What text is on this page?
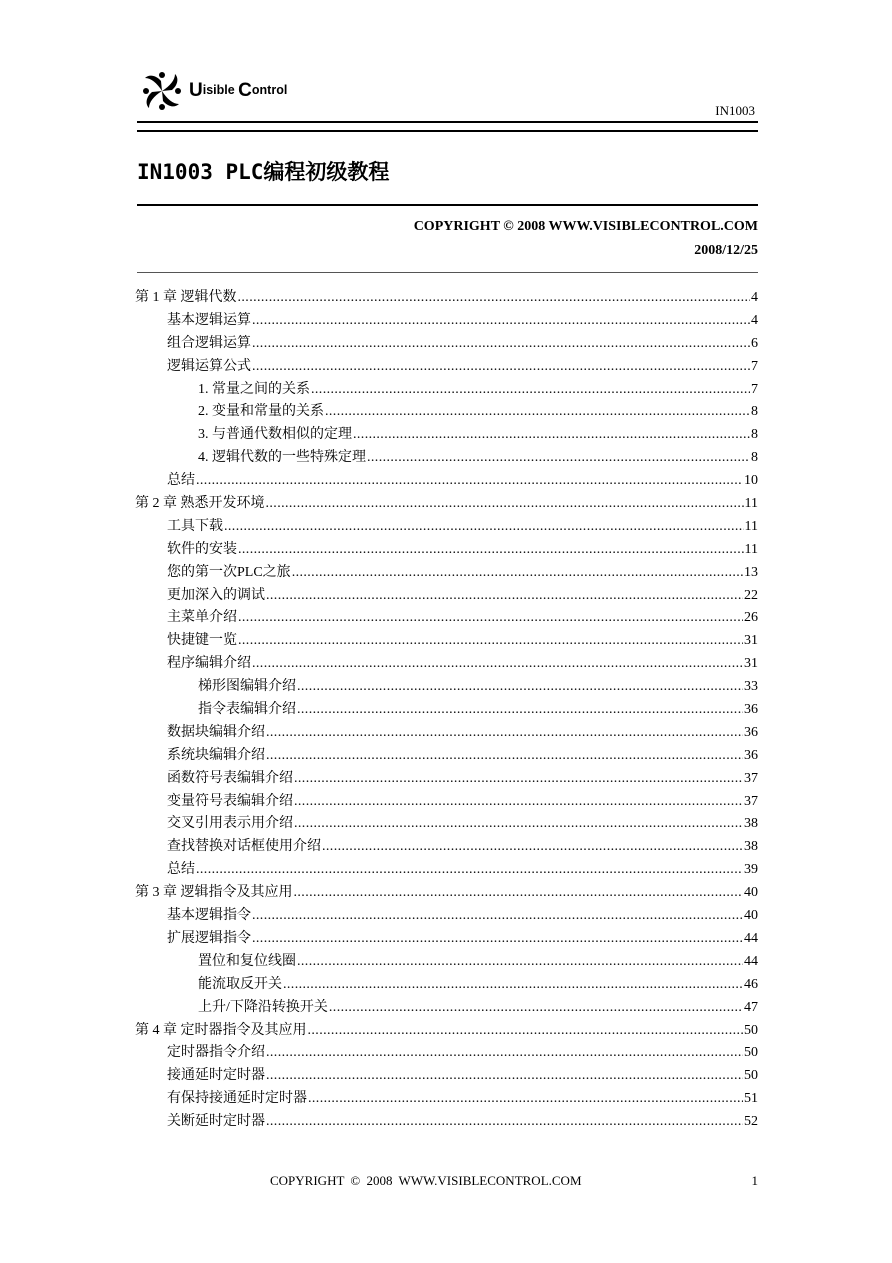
Uisible Control
IN1003
IN1003 PLC编程初级教程
COPYRIGHT © 2008 WWW.VISIBLECONTROL.COM
2008/12/25
第 1 章 逻辑代数 .....	4
基本逻辑运算 .....	4
组合逻辑运算 .....	6
逻辑运算公式 .....	7
1. 常量之间的关系 .....	7
2. 变量和常量的关系 .....	8
3. 与普通代数相似的定理 .....	8
4. 逻辑代数的一些特殊定理 .....	8
总结 .....	10
第 2 章 熟悉开发环境 .....	11
工具下载 .....	11
软件的安装 .....	11
您的第一次PLC之旅 .....	13
更加深入的调试 .....	22
主菜单介绍 .....	26
快捷键一览 .....	31
程序编辑介绍 .....	31
梯形图编辑介绍 .....	33
指令表编辑介绍 .....	36
数据块编辑介绍 .....	36
系统块编辑介绍 .....	36
函数符号表编辑介绍 .....	37
变量符号表编辑介绍 .....	37
交叉引用表示用介绍 .....	38
查找替换对话框使用介绍 .....	38
总结 .....	39
第 3 章 逻辑指令及其应用 .....	40
基本逻辑指令 .....	40
扩展逻辑指令 .....	44
置位和复位线圈 .....	44
能流取反开关 .....	46
上升/下降沿转换开关 .....	47
第 4 章 定时器指令及其应用 .....	50
定时器指令介绍 .....	50
接通延时定时器 .....	50
有保持接通延时定时器 .....	51
关断延时定时器 .....	52
COPYRIGHT © 2008 WWW.VISIBLECONTROL.COM	1
